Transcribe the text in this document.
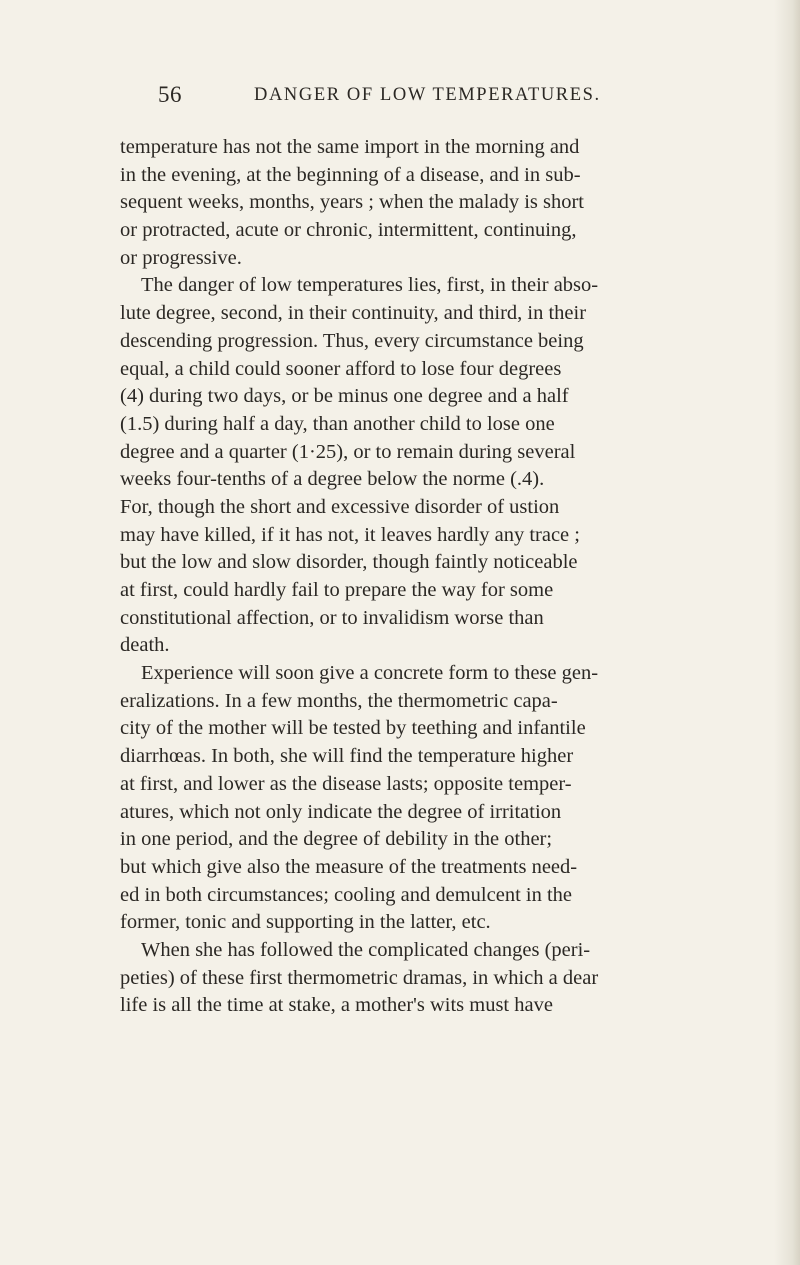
56	DANGER OF LOW TEMPERATURES.
temperature has not the same import in the morning and
in the evening, at the beginning of a disease, and in sub-
sequent weeks, months, years ; when the malady is short
or protracted, acute or chronic, intermittent, continuing,
or progressive.
The danger of low temperatures lies, first, in their abso-
lute degree, second, in their continuity, and third, in their
descending progression. Thus, every circumstance being
equal, a child could sooner afford to lose four degrees
(4) during two days, or be minus one degree and a half
(1.5) during half a day, than another child to lose one
degree and a quarter (1·25), or to remain during several
weeks four-tenths of a degree below the norme (.4).
For, though the short and excessive disorder of ustion
may have killed, if it has not, it leaves hardly any trace ;
but the low and slow disorder, though faintly noticeable
at first, could hardly fail to prepare the way for some
constitutional affection, or to invalidism worse than
death.
Experience will soon give a concrete form to these gen-
eralizations. In a few months, the thermometric capa-
city of the mother will be tested by teething and infantile
diarrhœas. In both, she will find the temperature higher
at first, and lower as the disease lasts; opposite temper-
atures, which not only indicate the degree of irritation
in one period, and the degree of debility in the other;
but which give also the measure of the treatments need-
ed in both circumstances; cooling and demulcent in the
former, tonic and supporting in the latter, etc.
When she has followed the complicated changes (peri-
peties) of these first thermometric dramas, in which a dear
life is all the time at stake, a mother's wits must have
